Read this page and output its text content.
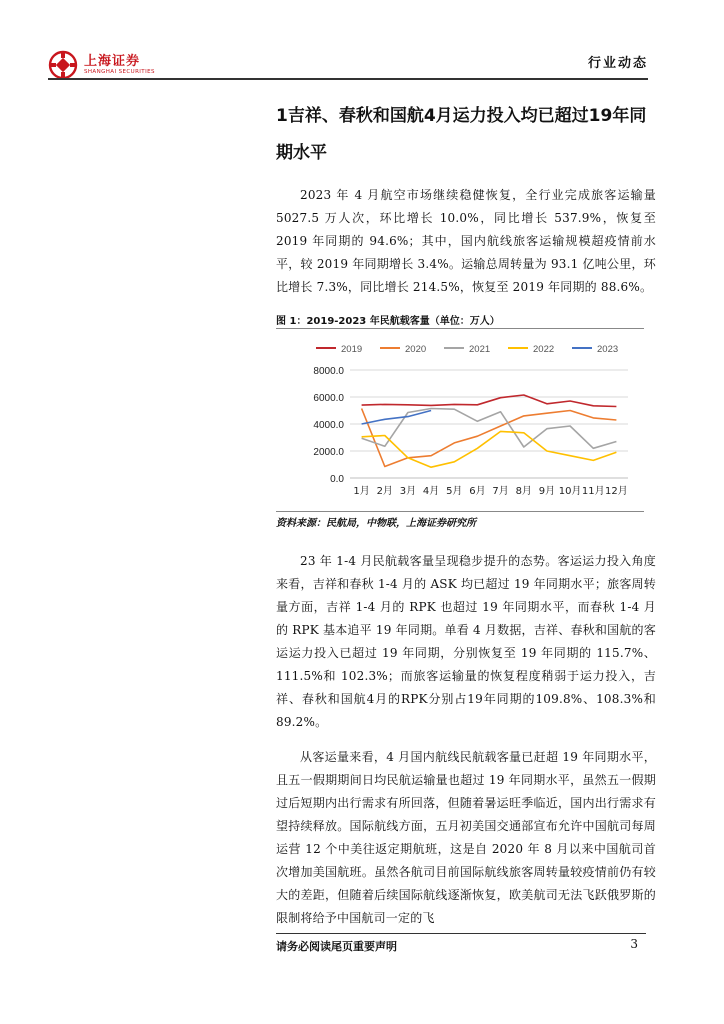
上海证券
SHANGHAI SECURITIES
行业动态
1吉祥、春秋和国航4月运力投入均已超过19年同期水平

2023 年 4 月航空市场继续稳健恢复，全行业完成旅客运输量 5027.5 万人次，环比增长 10.0%，同比增长 537.9%，恢复至 2019 年同期的 94.6%；其中，国内航线旅客运输规模超疫情前水平，较 2019 年同期增长 3.4%。运输总周转量为 93.1 亿吨公里，环比增长 7.3%，同比增长 214.5%，恢复至 2019 年同期的 88.6%。

图 1：2019-2023 年民航载客量（单位：万人）
0.0
2000.0
4000.0
6000.0
8000.0
1月 2月 3月 4月 5月 6月 7月 8月 9月 10月 11月 12月
2019	2020	2021	2022	2023
资料来源：民航局，中物联，上海证券研究所

23 年 1-4 月民航载客量呈现稳步提升的态势。客运运力投入角度来看，吉祥和春秋 1-4 月的 ASK 均已超过 19 年同期水平；旅客周转量方面，吉祥 1-4 月的 RPK 也超过 19 年同期水平，而春秋 1-4 月的 RPK 基本追平 19 年同期。单看 4 月数据，吉祥、春秋和国航的客运运力投入已超过 19 年同期，分别恢复至 19 年同期的 115.7%、111.5%和 102.3%；而旅客运输量的恢复程度稍弱于运力投入，吉祥、春秋和国航4月的RPK分别占19年同期的109.8%、108.3%和89.2%。

从客运量来看，4 月国内航线民航载客量已赶超 19 年同期水平，且五一假期期间日均民航运输量也超过 19 年同期水平，虽然五一假期过后短期内出行需求有所回落，但随着暑运旺季临近，国内出行需求有望持续释放。国际航线方面，五月初美国交通部宣布允许中国航司每周运营 12 个中美往返定期航班，这是自 2020 年 8 月以来中国航司首次增加美国航班。虽然各航司目前国际航线旅客周转量较疫情前仍有较大的差距，但随着后续国际航线逐渐恢复，欧美航司无法飞跃俄罗斯的限制将给予中国航司一定的飞

请务必阅读尾页重要声明	3
